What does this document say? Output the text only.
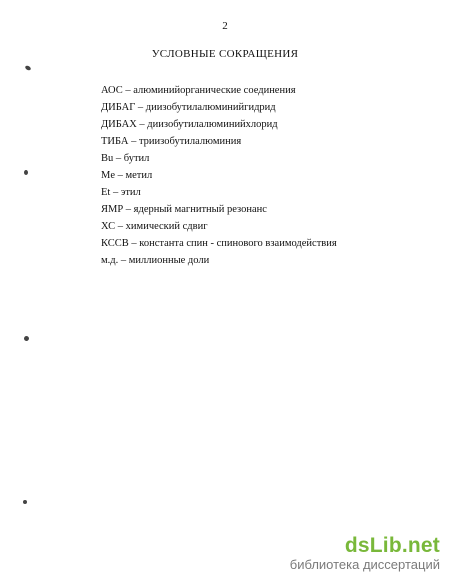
2
УСЛОВНЫЕ СОКРАЩЕНИЯ
АОС – алюминийорганические соединения
ДИБАГ – диизобутилалюминийгидрид
ДИБАХ – диизобутилалюминийхлорид
ТИБА – триизобутилалюминия
Bu – бутил
Me – метил
Et – этил
ЯМР – ядерный магнитный резонанс
ХС – химический сдвиг
КССВ – константа спин - спинового взаимодействия
м.д. – миллионные доли
dsLib.net
библиотека диссертаций
